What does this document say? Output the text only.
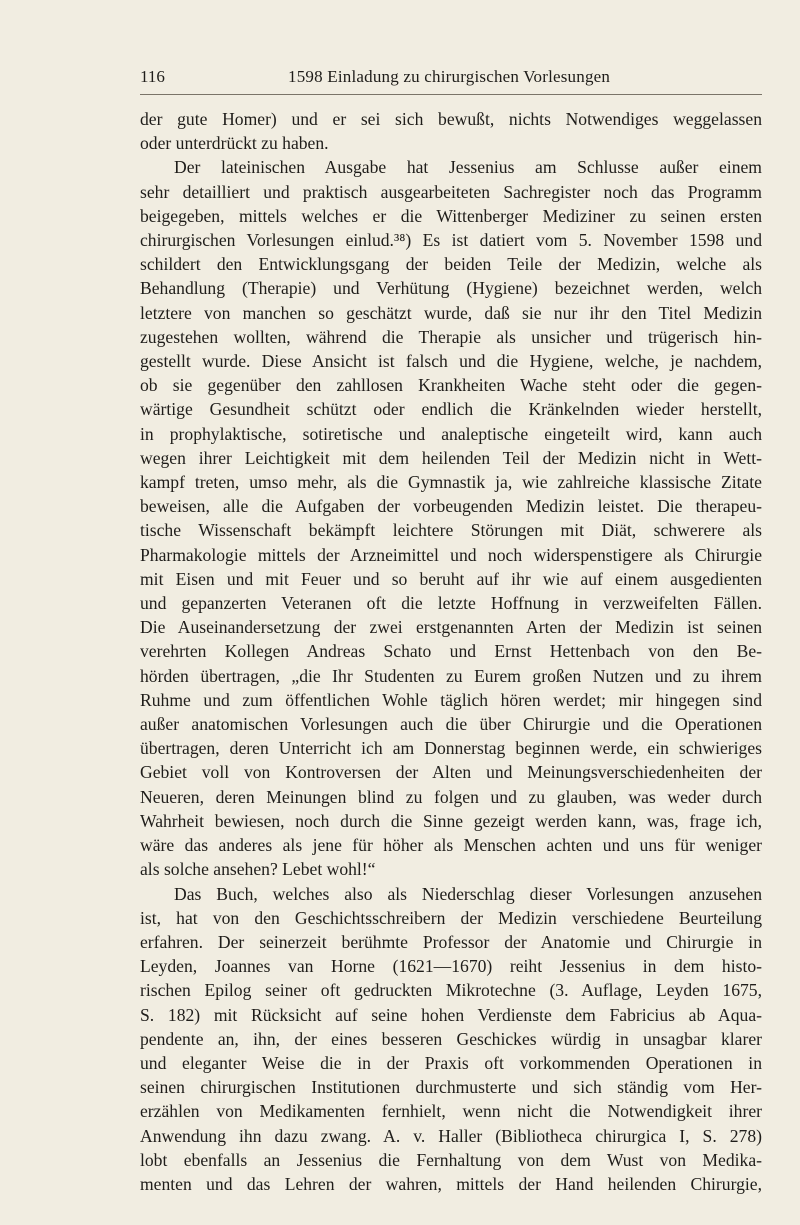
116	1598 Einladung zu chirurgischen Vorlesungen
der gute Homer) und er sei sich bewußt, nichts Notwendiges weggelassen
oder unterdrückt zu haben.
Der lateinischen Ausgabe hat Jessenius am Schlusse außer einem
sehr detailliert und praktisch ausgearbeiteten Sachregister noch das Programm
beigegeben, mittels welches er die Wittenberger Mediziner zu seinen ersten
chirurgischen Vorlesungen einlud.³⁸) Es ist datiert vom 5. November 1598 und
schildert den Entwicklungsgang der beiden Teile der Medizin, welche als
Behandlung (Therapie) und Verhütung (Hygiene) bezeichnet werden, welch
letztere von manchen so geschätzt wurde, daß sie nur ihr den Titel Medizin
zugestehen wollten, während die Therapie als unsicher und trügerisch hin-
gestellt wurde. Diese Ansicht ist falsch und die Hygiene, welche, je nachdem,
ob sie gegenüber den zahllosen Krankheiten Wache steht oder die gegen-
wärtige Gesundheit schützt oder endlich die Kränkelnden wieder herstellt,
in prophylaktische, sotiretische und analeptische eingeteilt wird, kann auch
wegen ihrer Leichtigkeit mit dem heilenden Teil der Medizin nicht in Wett-
kampf treten, umso mehr, als die Gymnastik ja, wie zahlreiche klassische Zitate
beweisen, alle die Aufgaben der vorbeugenden Medizin leistet. Die therapeu-
tische Wissenschaft bekämpft leichtere Störungen mit Diät, schwerere als
Pharmakologie mittels der Arzneimittel und noch widerspenstigere als Chirurgie
mit Eisen und mit Feuer und so beruht auf ihr wie auf einem ausgedienten
und gepanzerten Veteranen oft die letzte Hoffnung in verzweifelten Fällen.
Die Auseinandersetzung der zwei erstgenannten Arten der Medizin ist seinen
verehrten Kollegen Andreas Schato und Ernst Hettenbach von den Be-
hörden übertragen, „die Ihr Studenten zu Eurem großen Nutzen und zu ihrem
Ruhme und zum öffentlichen Wohle täglich hören werdet; mir hingegen sind
außer anatomischen Vorlesungen auch die über Chirurgie und die Operationen
übertragen, deren Unterricht ich am Donnerstag beginnen werde, ein schwieriges
Gebiet voll von Kontroversen der Alten und Meinungsverschiedenheiten der
Neueren, deren Meinungen blind zu folgen und zu glauben, was weder durch
Wahrheit bewiesen, noch durch die Sinne gezeigt werden kann, was, frage ich,
wäre das anderes als jene für höher als Menschen achten und uns für weniger
als solche ansehen? Lebet wohl!“
Das Buch, welches also als Niederschlag dieser Vorlesungen anzusehen
ist, hat von den Geschichtsschreibern der Medizin verschiedene Beurteilung
erfahren. Der seinerzeit berühmte Professor der Anatomie und Chirurgie in
Leyden, Joannes van Horne (1621—1670) reiht Jessenius in dem histo-
rischen Epilog seiner oft gedruckten Mikrotechne (3. Auflage, Leyden 1675,
S. 182) mit Rücksicht auf seine hohen Verdienste dem Fabricius ab Aqua-
pendente an, ihn, der eines besseren Geschickes würdig in unsagbar klarer
und eleganter Weise die in der Praxis oft vorkommenden Operationen in
seinen chirurgischen Institutionen durchmusterte und sich ständig vom Her-
erzählen von Medikamenten fernhielt, wenn nicht die Notwendigkeit ihrer
Anwendung ihn dazu zwang. A. v. Haller (Bibliotheca chirurgica I, S. 278)
lobt ebenfalls an Jessenius die Fernhaltung von dem Wust von Medika-
menten und das Lehren der wahren, mittels der Hand heilenden Chirurgie,
